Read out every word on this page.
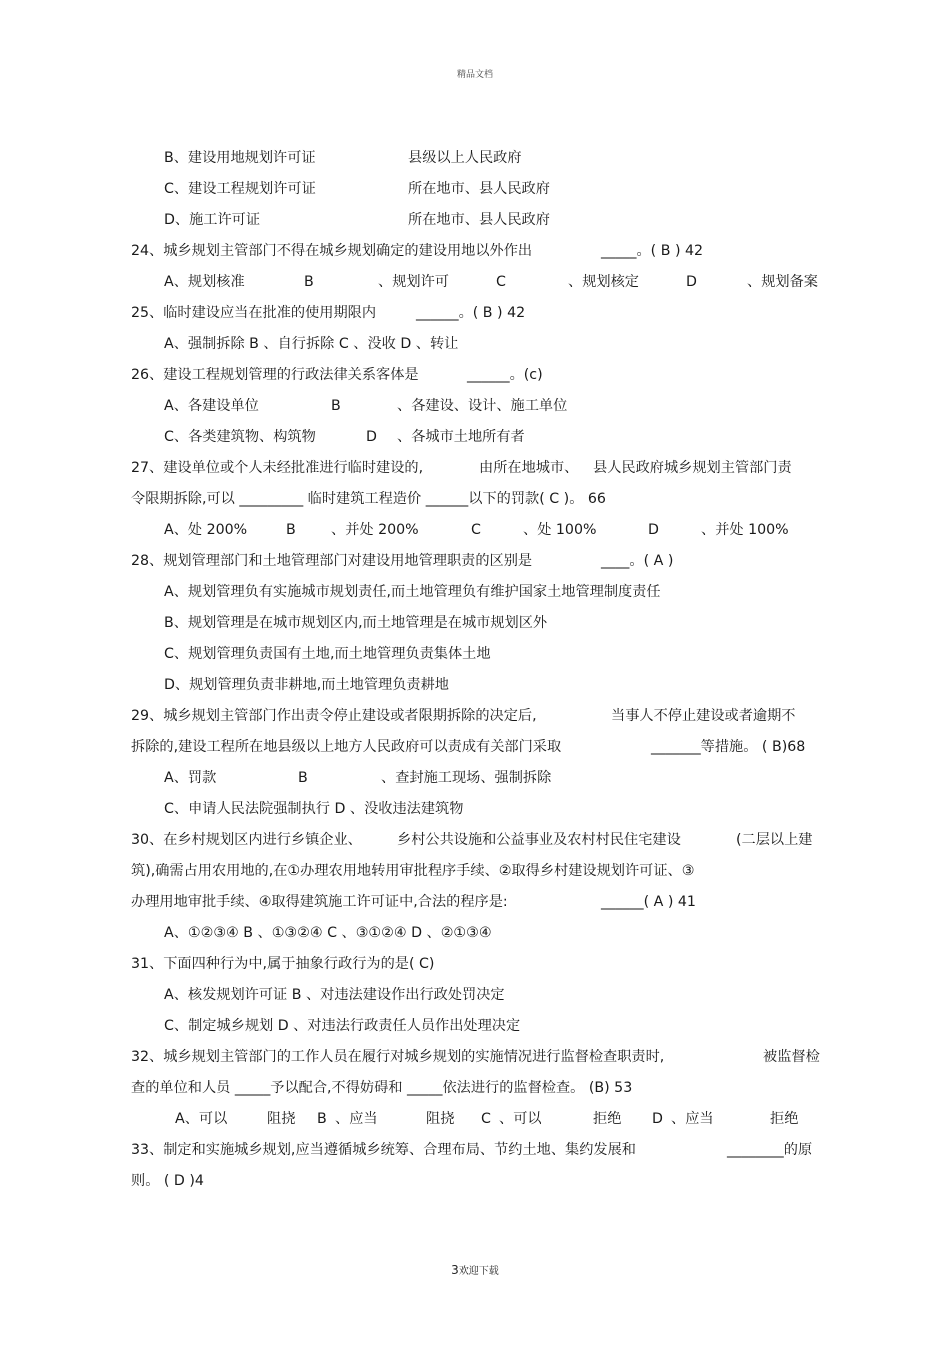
精品文档
B、建设用地规划许可证	县级以上人民政府
C、建设工程规划许可证	所在地市、县人民政府
D、施工许可证	所在地市、县人民政府
24、城乡规划主管部门不得在城乡规划确定的建设用地以外作出	_____。( B ) 42
A、规划核准	B	、规划许可	C	、规划核定	D	、规划备案
25、临时建设应当在批准的使用期限内	______。( B ) 42
A、强制拆除 B 、自行拆除 C 、没收 D 、转让
26、建设工程规划管理的行政法律关系客体是	______。(c)
A、各建设单位	B	、各建设、设计、施工单位
C、各类建筑物、构筑物	D 、各城市土地所有者
27、建设单位或个人未经批准进行临时建设的,	由所在地城市、 县人民政府城乡规划主管部门责
令限期拆除,可以 _________ 临时建筑工程造价 ______以下的罚款( C )。 66
A、处 200%	B 、并处 200%	C	、处 100%	D	、并处 100%
28、规划管理部门和土地管理部门对建设用地管理职责的区别是	____。( A )
A、规划管理负有实施城市规划责任,而土地管理负有维护国家土地管理制度责任
B、规划管理是在城市规划区内,而土地管理是在城市规划区外
C、规划管理负责国有土地,而土地管理负责集体土地
D、规划管理负责非耕地,而土地管理负责耕地
29、城乡规划主管部门作出责令停止建设或者限期拆除的决定后,	当事人不停止建设或者逾期不
拆除的,建设工程所在地县级以上地方人民政府可以责成有关部门采取	_______等措施。 ( B)68
A、罚款	B	、查封施工现场、强制拆除
C、申请人民法院强制执行 D 、没收违法建筑物
30、在乡村规划区内进行乡镇企业、 乡村公共设施和公益事业及农村村民住宅建设	(二层以上建
筑),确需占用农用地的,在①办理农用地转用审批程序手续、②取得乡村建设规划许可证、③
办理用地审批手续、④取得建筑施工许可证中,合法的程序是:	______( A ) 41
A、①②③④ B 、①③②④ C 、③①②④ D 、②①③④
31、下面四种行为中,属于抽象行政行为的是( C)
A、核发规划许可证 B 、对违法建设作出行政处罚决定
C、制定城乡规划 D 、对违法行政责任人员作出处理决定
32、城乡规划主管部门的工作人员在履行对城乡规划的实施情况进行监督检查职责时,	被监督检
查的单位和人员 _____予以配合,不得妨碍和 _____依法进行的监督检查。 (B) 53
A、可以	阻挠 B 、应当	阻挠 C 、可以	拒绝 D 、应当	拒绝
33、制定和实施城乡规划,应当遵循城乡统筹、合理布局、节约土地、集约发展和	________的原
则。 ( D )4
3欢迎下载
